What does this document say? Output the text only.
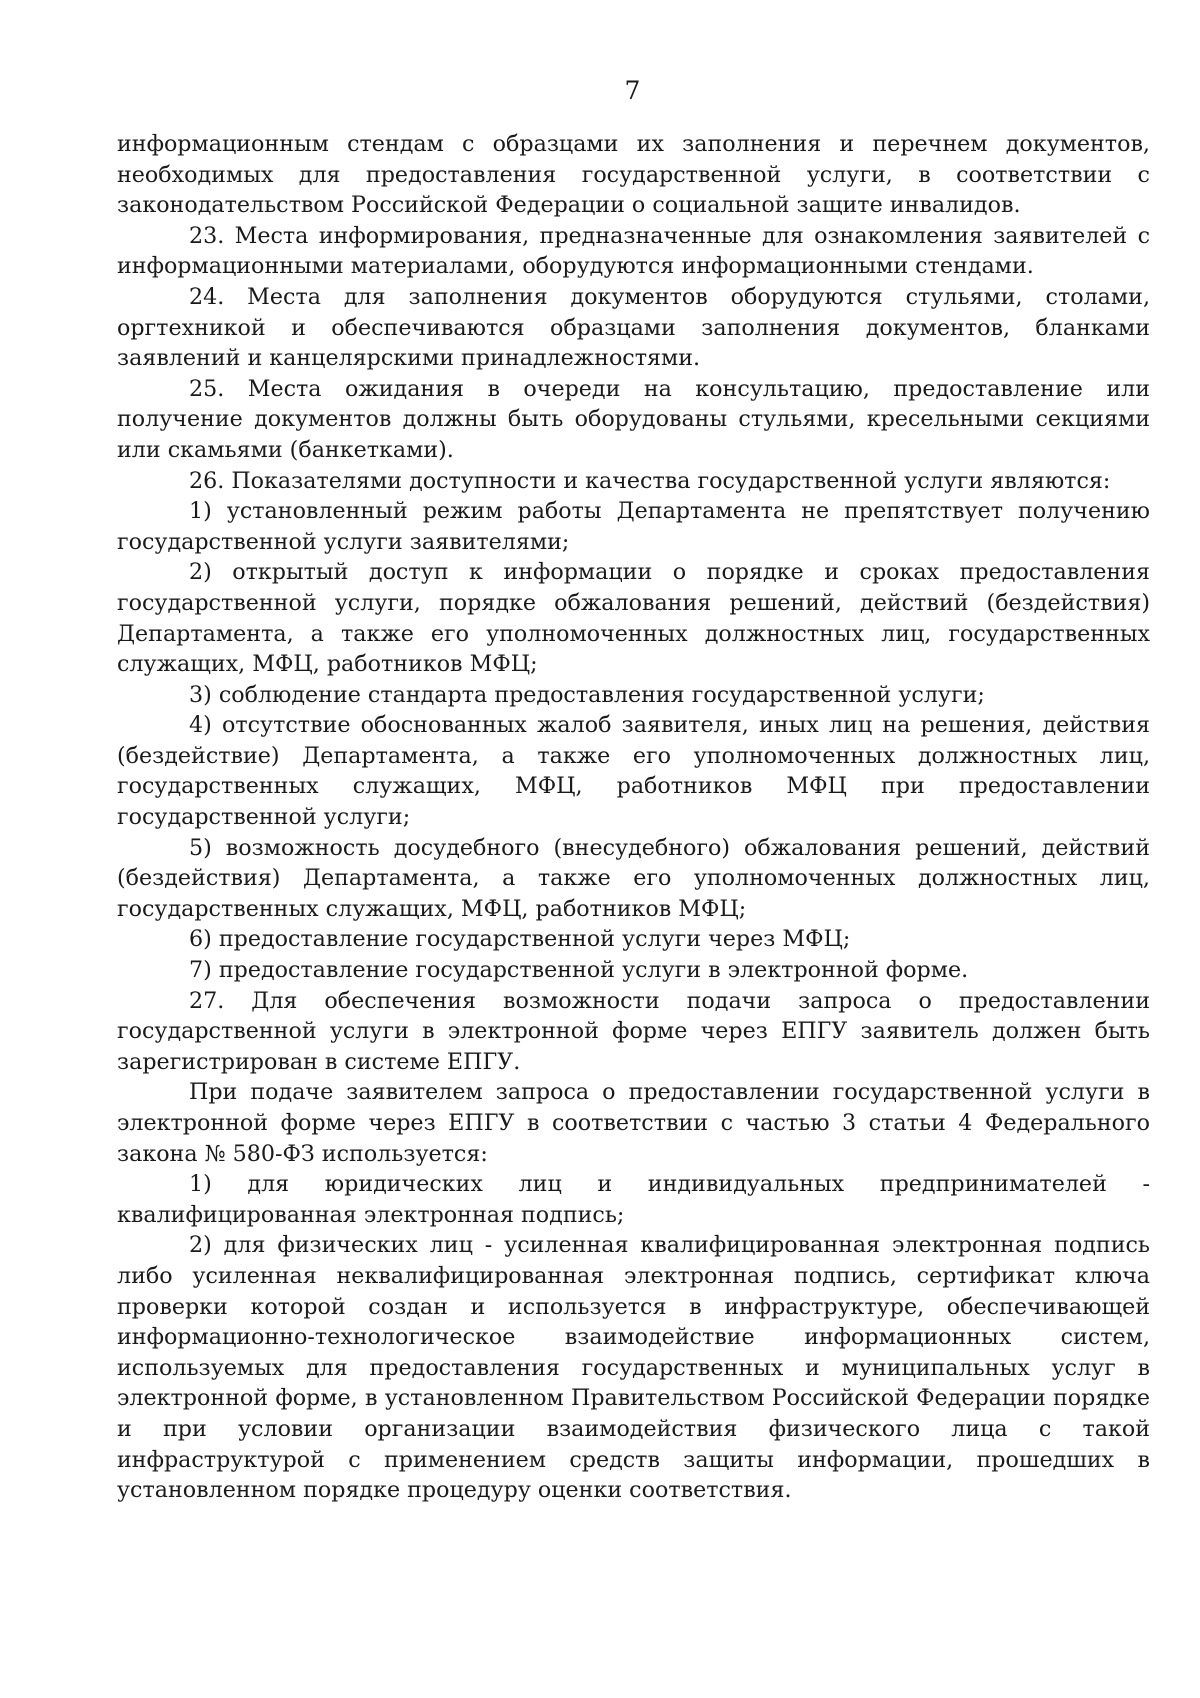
7

информационным стендам с образцами их заполнения и перечнем документов, необходимых для предоставления государственной услуги, в соответствии с законодательством Российской Федерации о социальной защите инвалидов.

23. Места информирования, предназначенные для ознакомления заявителей с информационными материалами, оборудуются информационными стендами.

24. Места для заполнения документов оборудуются стульями, столами, оргтехникой и обеспечиваются образцами заполнения документов, бланками заявлений и канцелярскими принадлежностями.

25. Места ожидания в очереди на консультацию, предоставление или получение документов должны быть оборудованы стульями, кресельными секциями или скамьями (банкетками).

26. Показателями доступности и качества государственной услуги являются:

1) установленный режим работы Департамента не препятствует получению государственной услуги заявителями;

2) открытый доступ к информации о порядке и сроках предоставления государственной услуги, порядке обжалования решений, действий (бездействия) Департамента, а также его уполномоченных должностных лиц, государственных служащих, МФЦ, работников МФЦ;

3) соблюдение стандарта предоставления государственной услуги;

4) отсутствие обоснованных жалоб заявителя, иных лиц на решения, действия (бездействие) Департамента, а также его уполномоченных должностных лиц, государственных служащих, МФЦ, работников МФЦ при предоставлении государственной услуги;

5) возможность досудебного (внесудебного) обжалования решений, действий (бездействия) Департамента, а также его уполномоченных должностных лиц, государственных служащих, МФЦ, работников МФЦ;

6) предоставление государственной услуги через МФЦ;

7) предоставление государственной услуги в электронной форме.

27. Для обеспечения возможности подачи запроса о предоставлении государственной услуги в электронной форме через ЕПГУ заявитель должен быть зарегистрирован в системе ЕПГУ.

При подаче заявителем запроса о предоставлении государственной услуги в электронной форме через ЕПГУ в соответствии с частью 3 статьи 4 Федерального закона № 580-ФЗ используется:

1) для юридических лиц и индивидуальных предпринимателей - квалифицированная электронная подпись;

2) для физических лиц - усиленная квалифицированная электронная подпись либо усиленная неквалифицированная электронная подпись, сертификат ключа проверки которой создан и используется в инфраструктуре, обеспечивающей информационно-технологическое взаимодействие информационных систем, используемых для предоставления государственных и муниципальных услуг в электронной форме, в установленном Правительством Российской Федерации порядке и при условии организации взаимодействия физического лица с такой инфраструктурой с применением средств защиты информации, прошедших в установленном порядке процедуру оценки соответствия.
